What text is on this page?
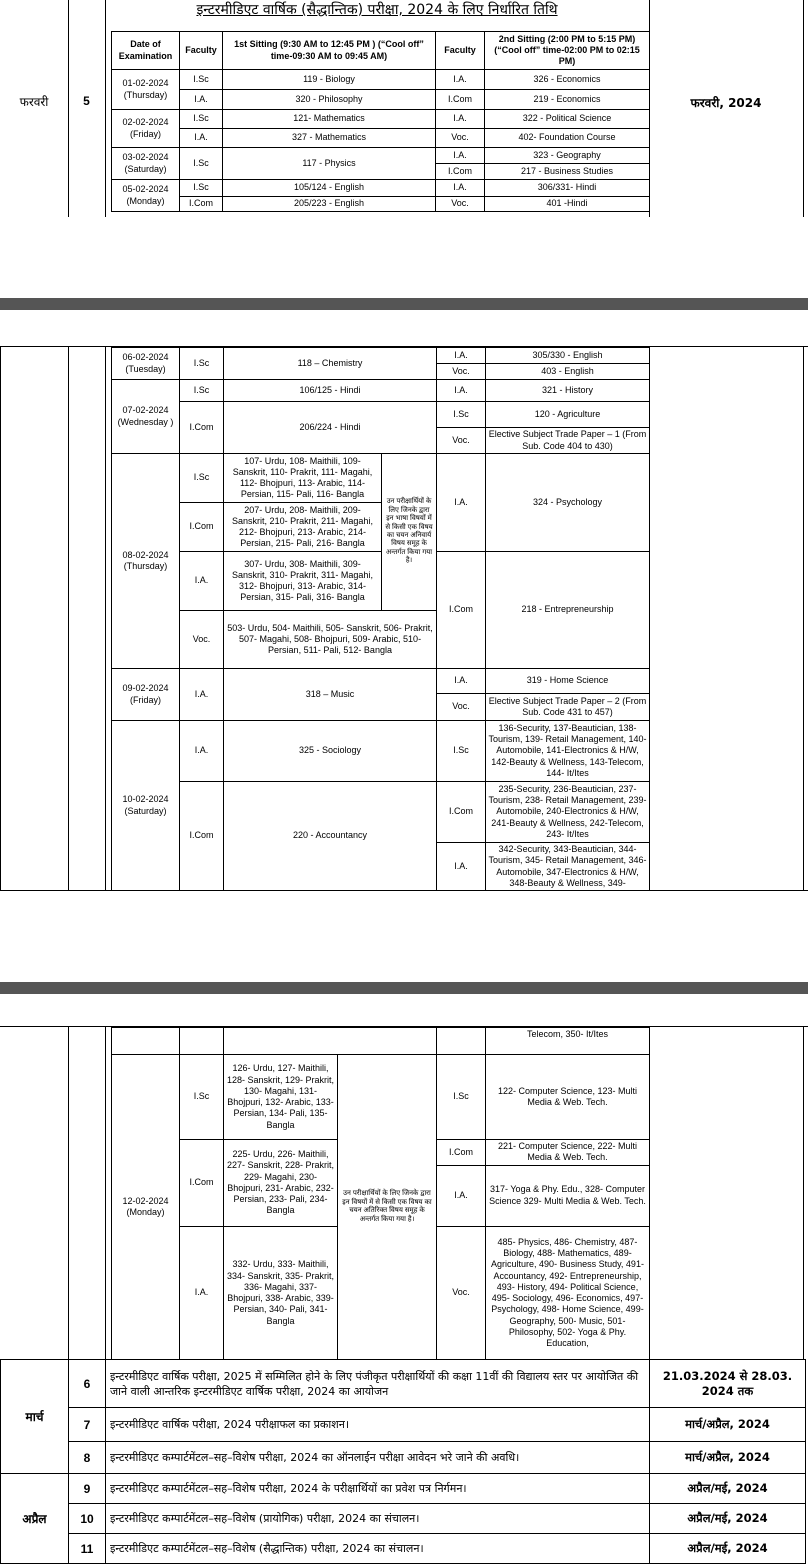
इन्टरमीडिएट वार्षिक (सैद्धान्तिक) परीक्षा, 2024 के लिए निर्धारित तिथि
फरवरी	5	फरवरी, 2024
Date of Examination	Faculty	1st Sitting (9:30 AM to 12:45 PM ) (“Cool off” time-09:30 AM to 09:45 AM)	Faculty	2nd Sitting (2:00 PM to 5:15 PM) (“Cool off” time-02:00 PM to 02:15 PM)
01-02-2024 (Thursday)	I.Sc	119 - Biology	I.A.	326 - Economics
	I.A.	320 - Philosophy	I.Com	219 - Economics
02-02-2024 (Friday)	I.Sc	121- Mathematics	I.A.	322 - Political Science
	I.A.	327 - Mathematics	Voc.	402- Foundation Course
03-02-2024 (Saturday)	I.Sc	117 - Physics	I.A.	323 - Geography
			I.Com	217 - Business Studies
05-02-2024 (Monday)	I.Sc	105/124 - English	I.A.	306/331- Hindi
	I.Com	205/223 - English	Voc.	401 -Hindi
06-02-2024 (Tuesday)	I.Sc	118 – Chemistry		I.A.	305/330 - English
				Voc.	403 - English
07-02-2024 (Wednesday )	I.Sc	106/125 - Hindi		I.A.	321 - History
	I.Com	206/224 - Hindi		I.Sc	120 - Agriculture
				Voc.	Elective Subject Trade Paper – 1 (From Sub. Code 404 to 430)
08-02-2024 (Thursday)	I.Sc	107- Urdu, 108- Maithili, 109- Sanskrit, 110- Prakrit, 111- Magahi, 112- Bhojpuri, 113- Arabic, 114- Persian, 115- Pali, 116- Bangla	उन परीक्षार्थियों के लिए जिनके द्वारा इन भाषा विषयों में से किसी एक विषय का चयन अनिवार्य विषय समूह के अन्तर्गत किया गया है।	I.A.	324 - Psychology
	I.Com	207- Urdu, 208- Maithili, 209- Sanskrit, 210- Prakrit, 211- Magahi, 212- Bhojpuri, 213- Arabic, 214- Persian, 215- Pali, 216- Bangla			
	I.A.	307- Urdu, 308- Maithili, 309- Sanskrit, 310- Prakrit, 311- Magahi, 312- Bhojpuri, 313- Arabic, 314- Persian, 315- Pali, 316- Bangla		I.Com	218 - Entrepreneurship
	Voc.	503- Urdu, 504- Maithili, 505- Sanskrit, 506- Prakrit, 507- Magahi, 508- Bhojpuri, 509- Arabic, 510- Persian, 511- Pali, 512- Bangla			
09-02-2024 (Friday)	I.A.	318 – Music		I.A.	319 - Home Science
				Voc.	Elective Subject Trade Paper – 2 (From Sub. Code 431 to 457)
10-02-2024 (Saturday)	I.A.	325 - Sociology		I.Sc	136-Security, 137-Beautician, 138-Tourism, 139- Retail Management, 140-Automobile, 141-Electronics & H/W, 142-Beauty & Wellness, 143-Telecom, 144- It/Ites
	I.Com	220 - Accountancy		I.Com	235-Security, 236-Beautician, 237-Tourism, 238- Retail Management, 239-Automobile, 240-Electronics & H/W, 241-Beauty & Wellness, 242-Telecom, 243- It/Ites
				I.A.	342-Security, 343-Beautician, 344-Tourism, 345- Retail Management, 346-Automobile, 347-Electronics & H/W, 348-Beauty & Wellness, 349-
					Telecom, 350- It/Ites
12-02-2024 (Monday)	I.Sc	126- Urdu, 127- Maithili, 128- Sanskrit, 129- Prakrit, 130- Magahi, 131- Bhojpuri, 132- Arabic, 133- Persian, 134- Pali, 135- Bangla	उन परीक्षार्थियों के लिए जिनके द्वारा इन विषयों में से किसी एक विषय का चयन अतिरिक्त विषय समूह के अन्तर्गत किया गया है।	I.Sc	122- Computer Science, 123- Multi Media & Web. Tech.
	I.Com	225- Urdu, 226- Maithili, 227- Sanskrit, 228- Prakrit, 229- Magahi, 230- Bhojpuri, 231- Arabic, 232- Persian, 233- Pali, 234- Bangla		I.Com	221- Computer Science, 222- Multi Media & Web. Tech.
				I.A.	317- Yoga & Phy. Edu., 328- Computer Science 329- Multi Media & Web. Tech.
	I.A.	332- Urdu, 333- Maithili, 334- Sanskrit, 335- Prakrit, 336- Magahi, 337- Bhojpuri, 338- Arabic, 339- Persian, 340- Pali, 341- Bangla		Voc.	485- Physics, 486- Chemistry, 487- Biology, 488- Mathematics, 489- Agriculture, 490- Business Study, 491- Accountancy, 492- Entrepreneurship, 493- History, 494- Political Science, 495- Sociology, 496- Economics, 497- Psychology, 498- Home Science, 499- Geography, 500- Music, 501- Philosophy, 502- Yoga & Phy. Education,
मार्च	6	इन्टरमीडिएट वार्षिक परीक्षा, 2025 में सम्मिलित होने के लिए पंजीकृत परीक्षार्थियों की कक्षा 11वीं की विद्यालय स्तर पर आयोजित की जाने वाली आन्तरिक इन्टरमीडिएट वार्षिक परीक्षा, 2024 का आयोजन	21.03.2024 से 28.03. 2024 तक
	7	इन्टरमीडिएट वार्षिक परीक्षा, 2024 परीक्षाफल का प्रकाशन।	मार्च/अप्रैल, 2024
	8	इन्टरमीडिएट कम्पार्टमेंटल–सह–विशेष परीक्षा, 2024 का ऑनलाईन परीक्षा आवेदन भरे जाने की अवधि।	मार्च/अप्रैल, 2024
अप्रैल	9	इन्टरमीडिएट कम्पार्टमेंटल–सह–विशेष परीक्षा, 2024 के परीक्षार्थियों का प्रवेश पत्र निर्गमन।	अप्रैल/मई, 2024
	10	इन्टरमीडिएट कम्पार्टमेंटल–सह–विशेष (प्रायोगिक) परीक्षा, 2024 का संचालन।	अप्रैल/मई, 2024
	11	इन्टरमीडिएट कम्पार्टमेंटल–सह–विशेष (सैद्धान्तिक) परीक्षा, 2024 का संचालन।	अप्रैल/मई, 2024
